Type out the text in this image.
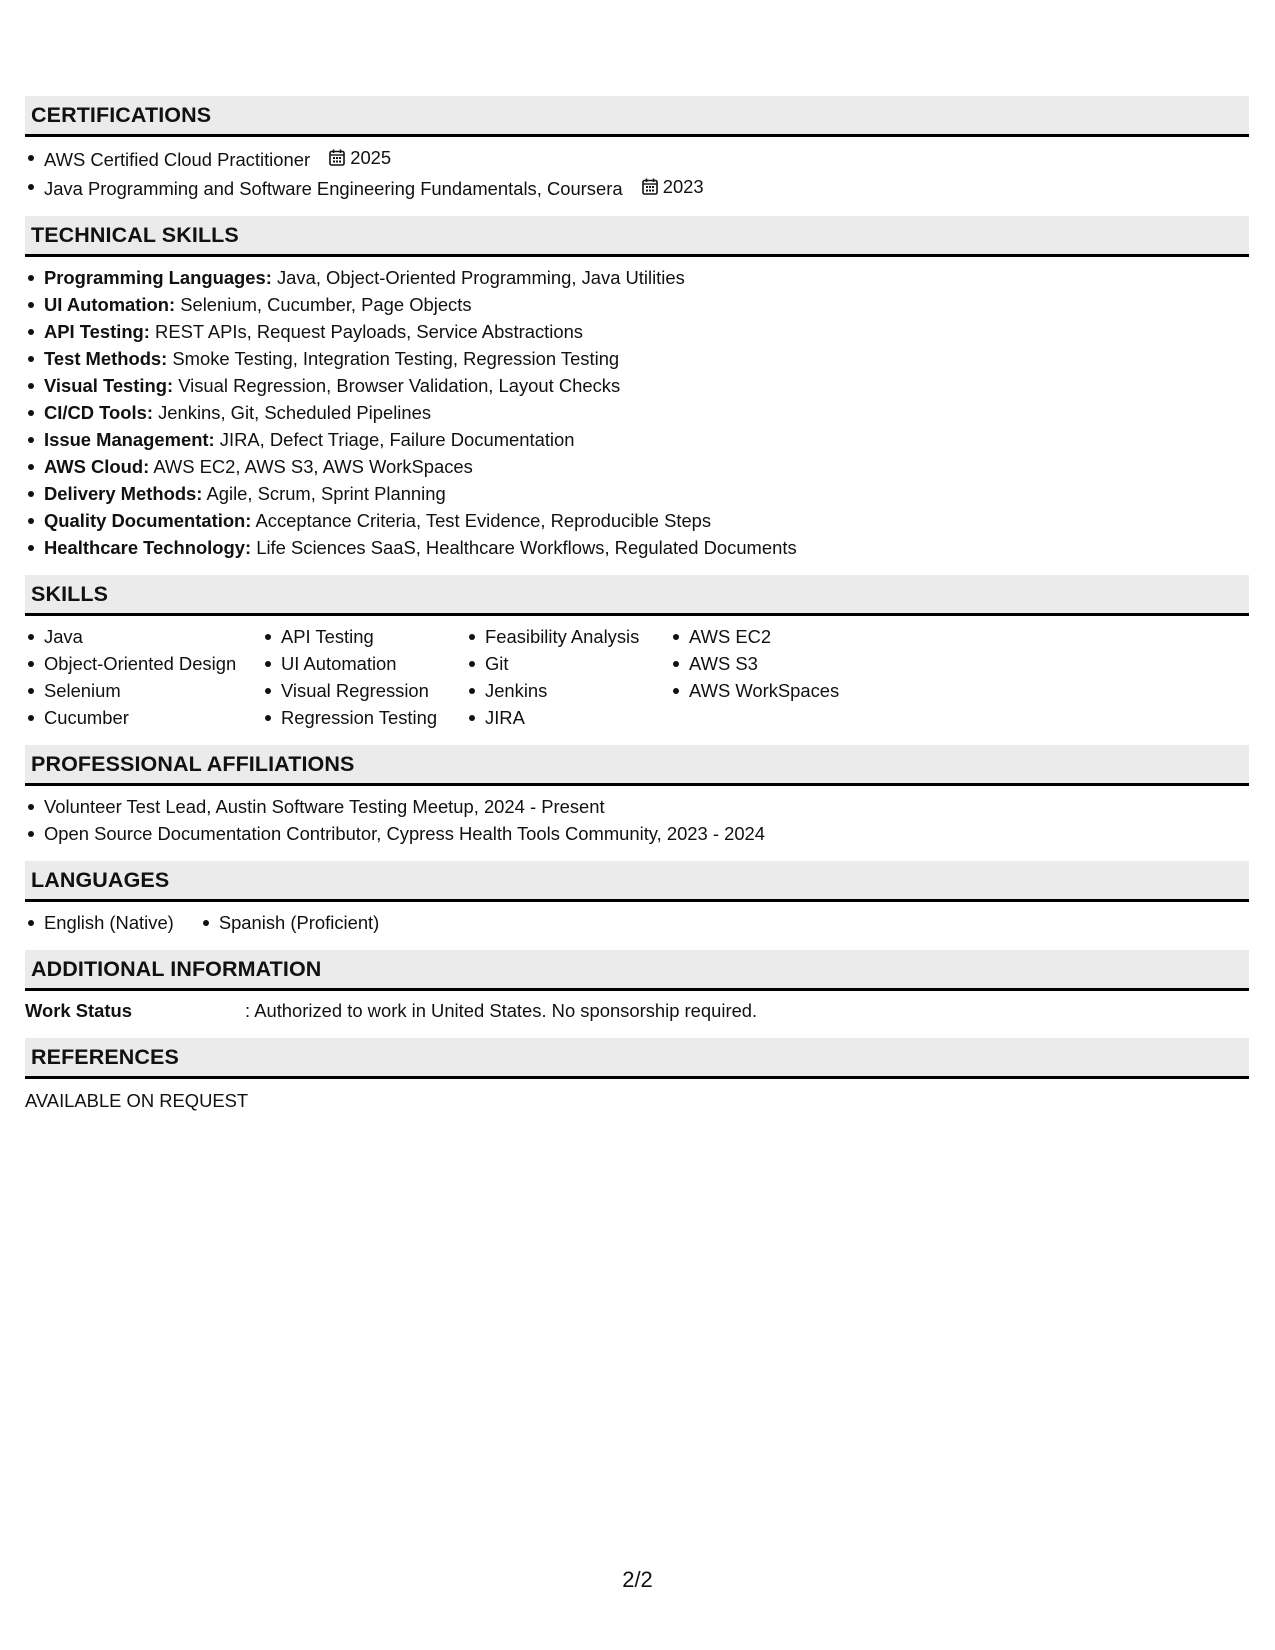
CERTIFICATIONS
AWS Certified Cloud Practitioner 2025
Java Programming and Software Engineering Fundamentals, Coursera 2023
TECHNICAL SKILLS
Programming Languages: Java, Object-Oriented Programming, Java Utilities
UI Automation: Selenium, Cucumber, Page Objects
API Testing: REST APIs, Request Payloads, Service Abstractions
Test Methods: Smoke Testing, Integration Testing, Regression Testing
Visual Testing: Visual Regression, Browser Validation, Layout Checks
CI/CD Tools: Jenkins, Git, Scheduled Pipelines
Issue Management: JIRA, Defect Triage, Failure Documentation
AWS Cloud: AWS EC2, AWS S3, AWS WorkSpaces
Delivery Methods: Agile, Scrum, Sprint Planning
Quality Documentation: Acceptance Criteria, Test Evidence, Reproducible Steps
Healthcare Technology: Life Sciences SaaS, Healthcare Workflows, Regulated Documents
SKILLS
Java
Object-Oriented Design
Selenium
Cucumber
API Testing
UI Automation
Visual Regression
Regression Testing
Feasibility Analysis
Git
Jenkins
JIRA
AWS EC2
AWS S3
AWS WorkSpaces
PROFESSIONAL AFFILIATIONS
Volunteer Test Lead, Austin Software Testing Meetup, 2024 - Present
Open Source Documentation Contributor, Cypress Health Tools Community, 2023 - 2024
LANGUAGES
English (Native)	Spanish (Proficient)
ADDITIONAL INFORMATION
Work Status	: Authorized to work in United States. No sponsorship required.
REFERENCES
AVAILABLE ON REQUEST
2/2
